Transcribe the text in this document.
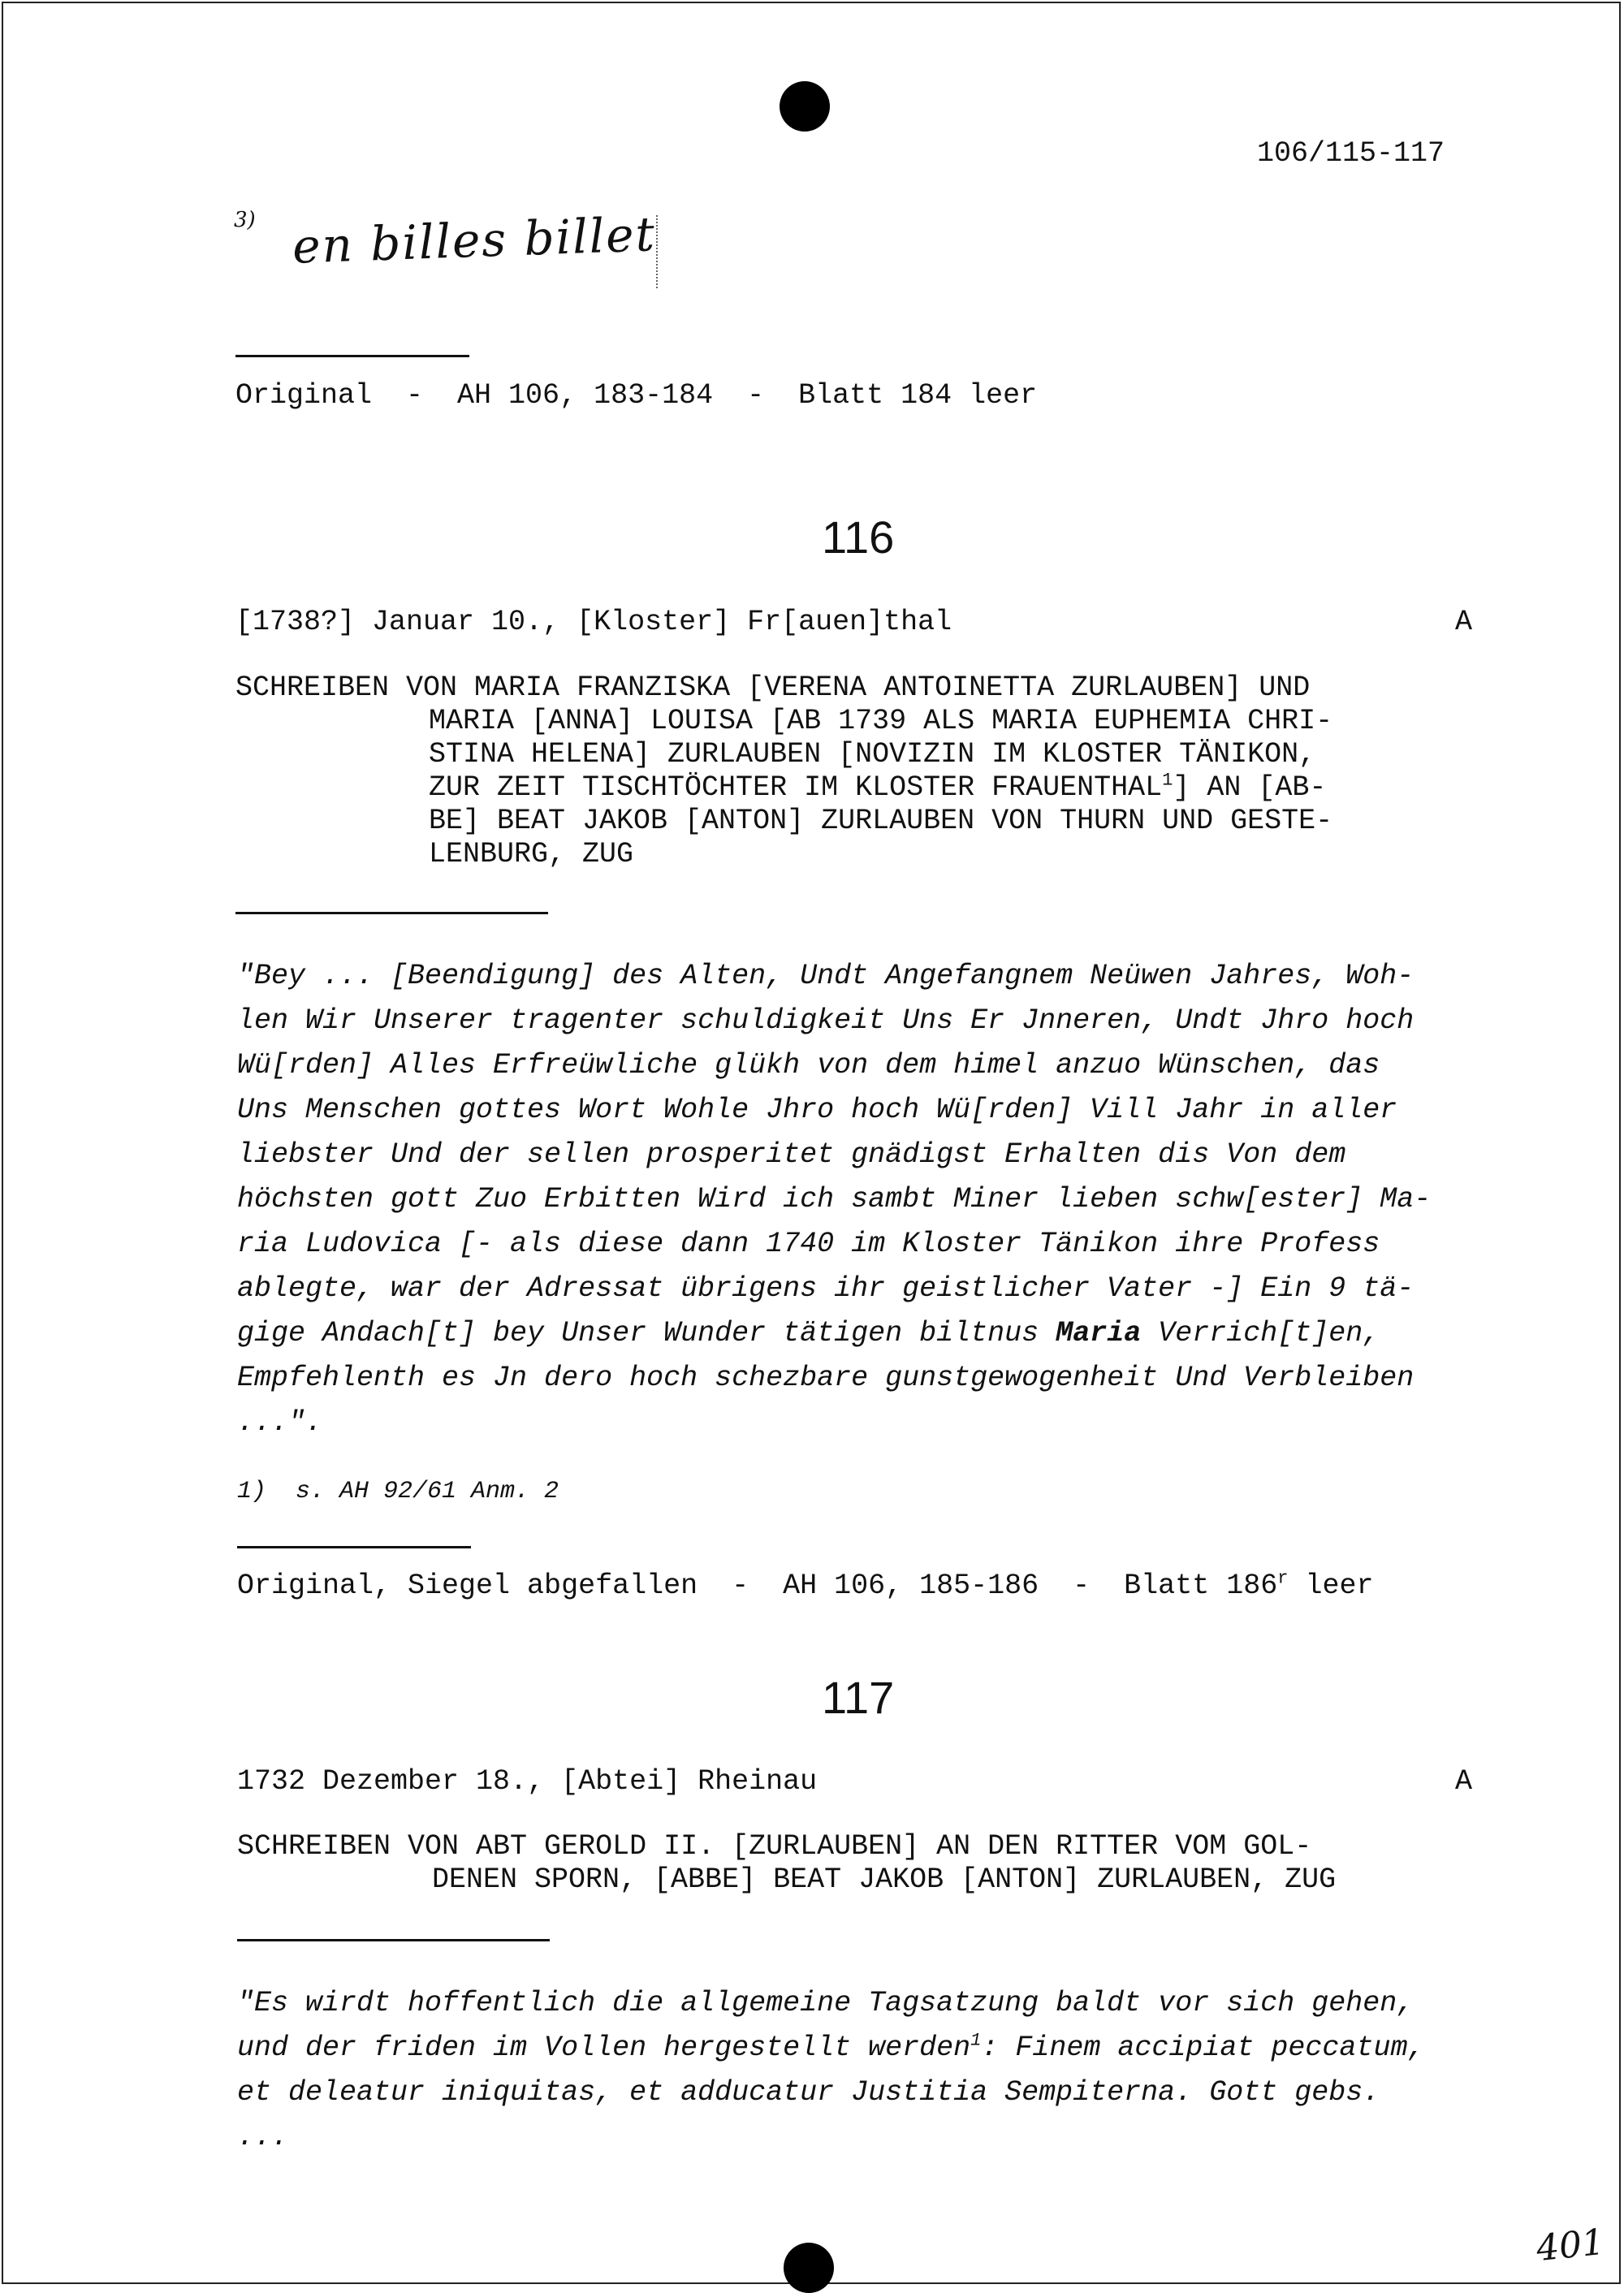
106/115-117
3) en billes billet
Original  -  AH 106, 183-184  -  Blatt 184 leer
116
[1738?] Januar 10., [Kloster] Fr[auen]thal	A
SCHREIBEN VON MARIA FRANZISKA [VERENA ANTOINETTA ZURLAUBEN] UND
MARIA [ANNA] LOUISA [AB 1739 ALS MARIA EUPHEMIA CHRI-
STINA HELENA] ZURLAUBEN [NOVIZIN IM KLOSTER TÄNIKON,
ZUR ZEIT TISCHTÖCHTER IM KLOSTER FRAUENTHAL$^1$] AN [AB-
BE] BEAT JAKOB [ANTON] ZURLAUBEN VON THURN UND GESTE-
LENBURG, ZUG
"Bey ... [Beendigung] des Alten, Undt Angefangnem Neüwen Jahres, Woh-
len Wir Unserer tragenter schuldigkeit Uns Er Jnneren, Undt Jhro hoch
Wü[rden] Alles Erfreüwliche glükh von dem himel anzuo Wünschen, das
Uns Menschen gottes Wort Wohle Jhro hoch Wü[rden] Vill Jahr in aller
liebster Und der sellen prosperitet gnädigst Erhalten dis Von dem
höchsten gott Zuo Erbitten Wird ich sambt Miner lieben schw[ester] Ma-
ria Ludovica [- als diese dann 1740 im Kloster Tänikon ihre Profess
ablegte, war der Adressat übrigens ihr geistlicher Vater -] Ein 9 tä-
gige Andach[t] bey Unser Wunder tätigen biltnus Maria Verrich[t]en,
Empfehlenth es Jn dero hoch schezbare gunstgewogenheit Und Verbleiben
...".
1)  s. AH 92/61 Anm. 2
Original, Siegel abgefallen  -  AH 106, 185-186  -  Blatt 186$^r$ leer
117
1732 Dezember 18., [Abtei] Rheinau	A
SCHREIBEN VON ABT GEROLD II. [ZURLAUBEN] AN DEN RITTER VOM GOL-
DENEN SPORN, [ABBE] BEAT JAKOB [ANTON] ZURLAUBEN, ZUG
"Es wirdt hoffentlich die allgemeine Tagsatzung baldt vor sich gehen,
und der friden im Vollen hergestellt werden$^1$: Finem accipiat peccatum,
et deleatur iniquitas, et adducatur Justitia Sempiterna. Gott gebs.
...
401
